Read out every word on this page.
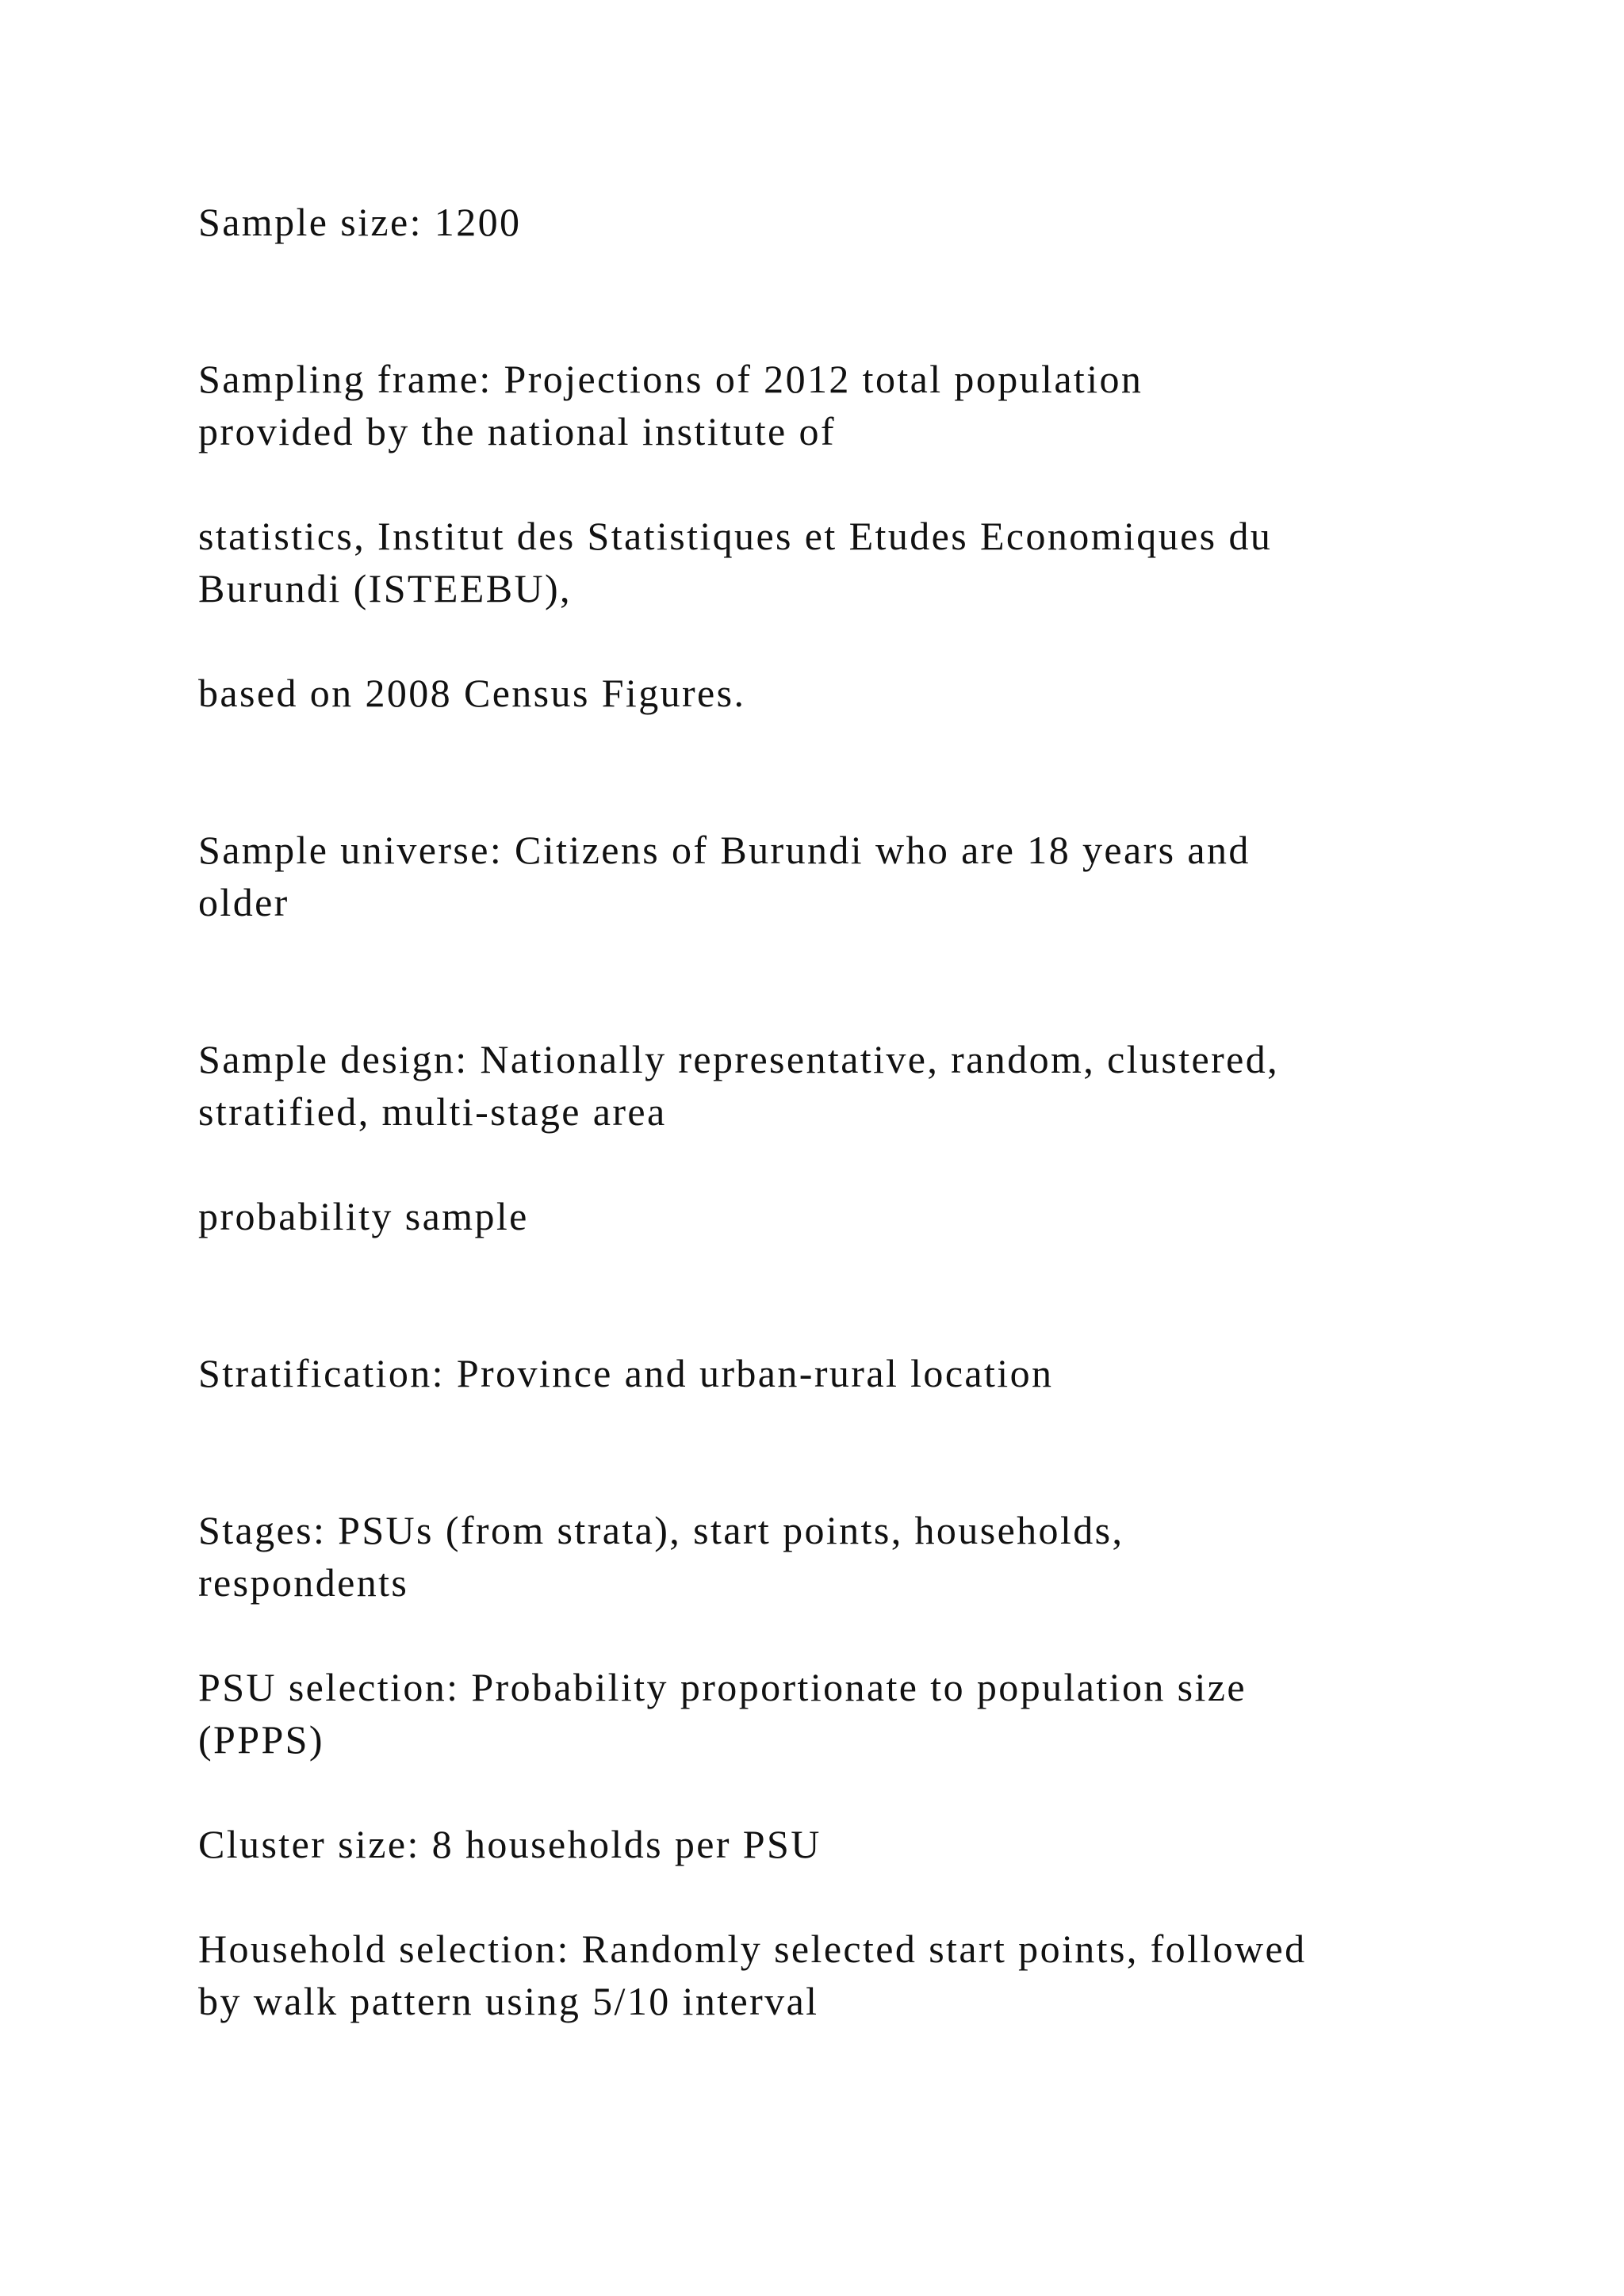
Sample size: 1200

Sampling frame: Projections of 2012 total population

provided by the national institute of

statistics, Institut des Statistiques et Etudes Economiques du

Burundi (ISTEEBU),

based on 2008 Census Figures.

Sample universe: Citizens of Burundi who are 18 years and

older

Sample design: Nationally representative, random, clustered,

stratified, multi-stage area

probability sample

Stratification: Province and urban-rural location

Stages: PSUs (from strata), start points, households,

respondents

PSU selection: Probability proportionate to population size

(PPPS)

Cluster size: 8 households per PSU

Household selection: Randomly selected start points, followed

by walk pattern using 5/10 interval
